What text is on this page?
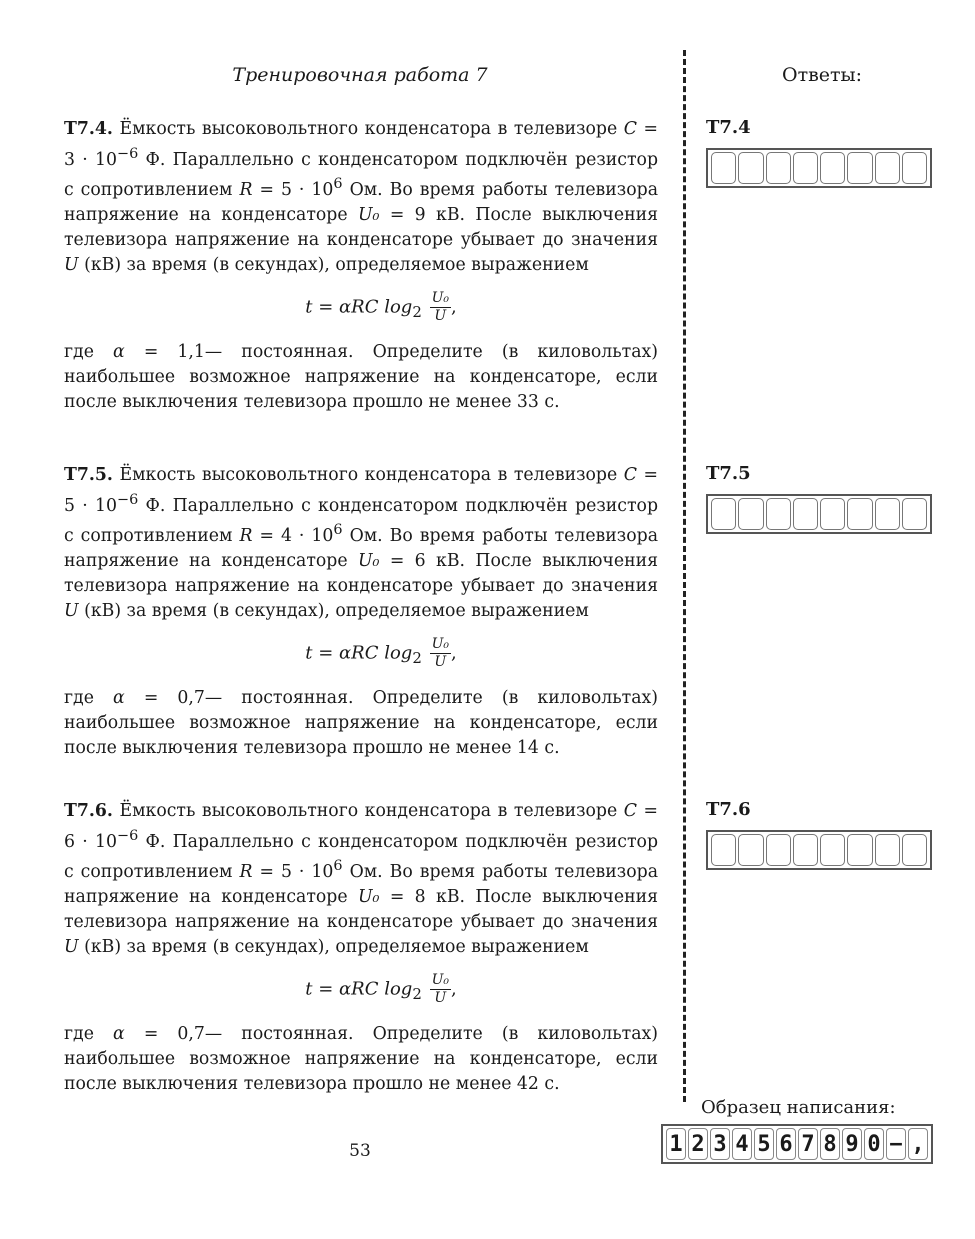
Тренировочная работа 7	Ответы:

Т7.4. Ёмкость высоковольтного конденсатора в телевизоре $C = 3 \cdot 10^{-6}$ Ф. Параллельно с конденсатором подключён резистор с сопротивлением $R = 5 \cdot 10^6$ Ом. Во время работы телевизора напряжение на конденсаторе U₀ = 9 кВ. После выключения телевизора напряжение на конденсаторе убывает до значения U (кВ) за время (в секундах), определяемое выражением

t = αRC $\log_2 \frac{\text{U₀}}{U}$ ,

где α = 1,1— постоянная. Определите (в киловольтах) наибольшее возможное напряжение на конденсаторе, если после выключения телевизора прошло не менее 33 с.

Т7.5. Ёмкость высоковольтного конденсатора в телевизоре $C = 5 \cdot 10^{-6}$ Ф. Параллельно с конденсатором подключён резистор с сопротивлением $R = 4 \cdot 10^6$ Ом. Во время работы телевизора напряжение на конденсаторе U₀ = 6 кВ. После выключения телевизора напряжение на конденсаторе убывает до значения U (кВ) за время (в секундах), определяемое выражением

t = αRC $\log_2 \frac{\text{U₀}}{U}$ ,

где α = 0,7— постоянная. Определите (в киловольтах) наибольшее возможное напряжение на конденсаторе, если после выключения телевизора прошло не менее 14 с.

Т7.6. Ёмкость высоковольтного конденсатора в телевизоре $C = 6 \cdot 10^{-6}$ Ф. Параллельно с конденсатором подключён резистор с сопротивлением $R = 5 \cdot 10^6$ Ом. Во время работы телевизора напряжение на конденсаторе U₀ = 8 кВ. После выключения телевизора напряжение на конденсаторе убывает до значения U (кВ) за время (в секундах), определяемое выражением

t = αRC $\log_2 \frac{\text{U₀}}{U}$ ,

где α = 0,7— постоянная. Определите (в киловольтах) наибольшее возможное напряжение на конденсаторе, если после выключения телевизора прошло не менее 42 с.

Т7.4
Т7.5
Т7.6
Образец написания:
1 2 3 4 5 6 7 8 9 0 − ,
53
